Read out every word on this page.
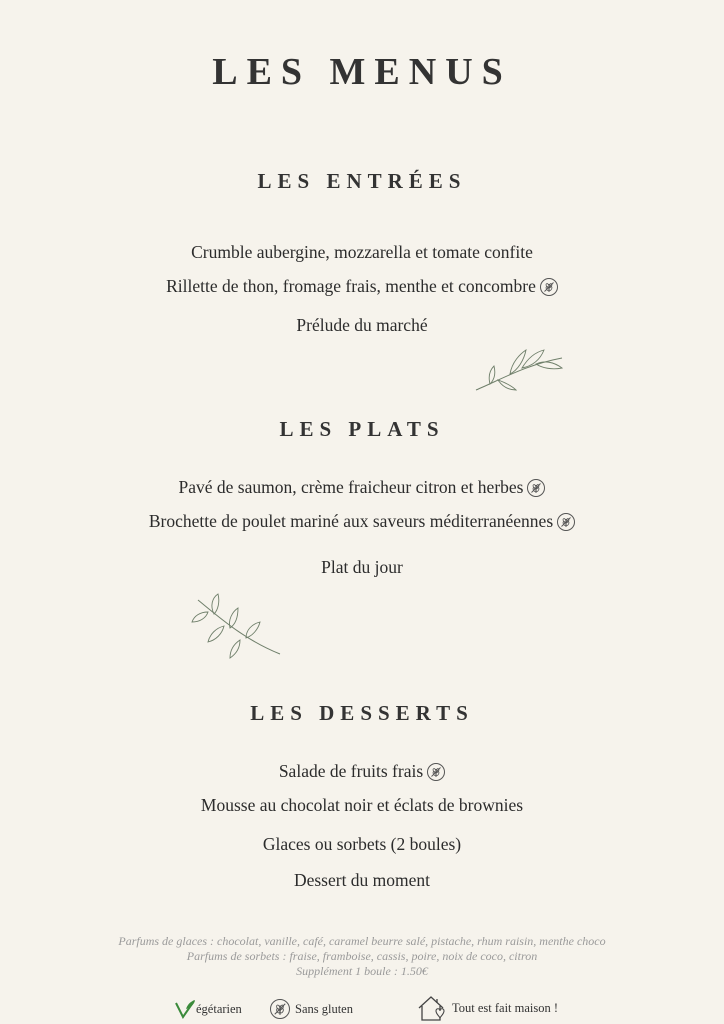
LES MENUS
LES ENTRÉES
Crumble aubergine, mozzarella et tomate confite
Rillette de thon, fromage frais, menthe et concombre
Prélude du marché
LES PLATS
Pavé de saumon, crème fraicheur citron et herbes
Brochette de poulet mariné aux saveurs méditerranéennes
Plat du jour
LES DESSERTS
Salade de fruits frais
Mousse au chocolat noir et éclats de brownies
Glaces ou sorbets (2 boules)
Dessert du moment
Parfums de glaces : chocolat, vanille, café, caramel beurre salé, pistache, rhum raisin, menthe choco
Parfums de sorbets : fraise, framboise, cassis, poire, noix de coco, citron
Supplément 1 boule : 1.50€
égétarien	Sans gluten	Tout est fait maison !
